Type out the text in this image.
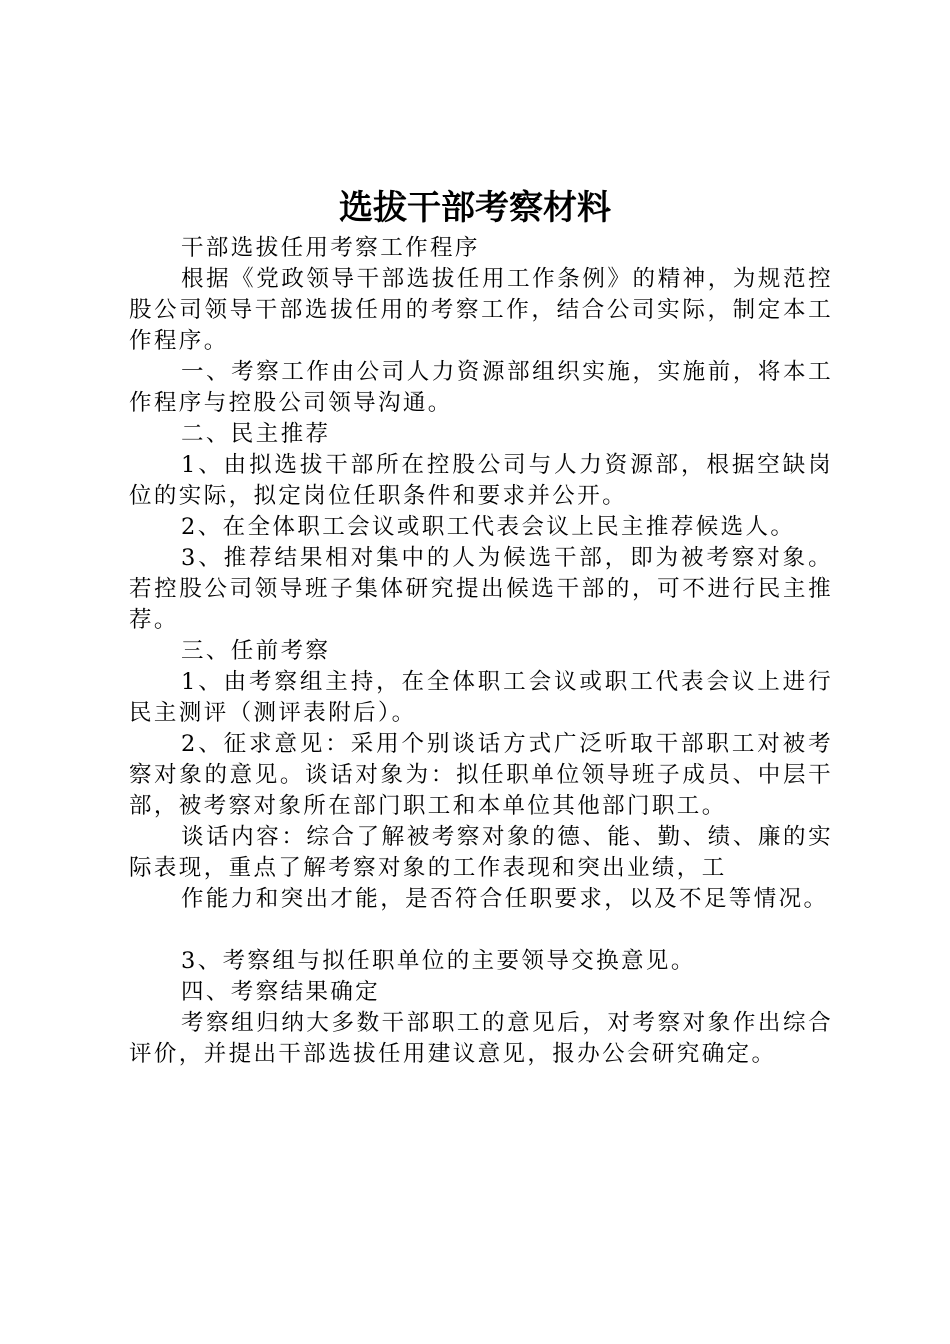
选拔干部考察材料

干部选拔任用考察工作程序

根据《党政领导干部选拔任用工作条例》的精神，为规范控股公司领导干部选拔任用的考察工作，结合公司实际，制定本工作程序。

一、考察工作由公司人力资源部组织实施，实施前，将本工作程序与控股公司领导沟通。

二、民主推荐

1、由拟选拔干部所在控股公司与人力资源部，根据空缺岗位的实际，拟定岗位任职条件和要求并公开。

2、在全体职工会议或职工代表会议上民主推荐候选人。

3、推荐结果相对集中的人为候选干部，即为被考察对象。若控股公司领导班子集体研究提出候选干部的，可不进行民主推荐。

三、任前考察

1、由考察组主持，在全体职工会议或职工代表会议上进行民主测评（测评表附后）。

2、征求意见：采用个别谈话方式广泛听取干部职工对被考察对象的意见。谈话对象为：拟任职单位领导班子成员、中层干部，被考察对象所在部门职工和本单位其他部门职工。

谈话内容：综合了解被考察对象的德、能、勤、绩、廉的实际表现，重点了解考察对象的工作表现和突出业绩，工

作能力和突出才能，是否符合任职要求，以及不足等情况。

3、考察组与拟任职单位的主要领导交换意见。

四、考察结果确定

考察组归纳大多数干部职工的意见后，对考察对象作出综合评价，并提出干部选拔任用建议意见，报办公会研究确定。
